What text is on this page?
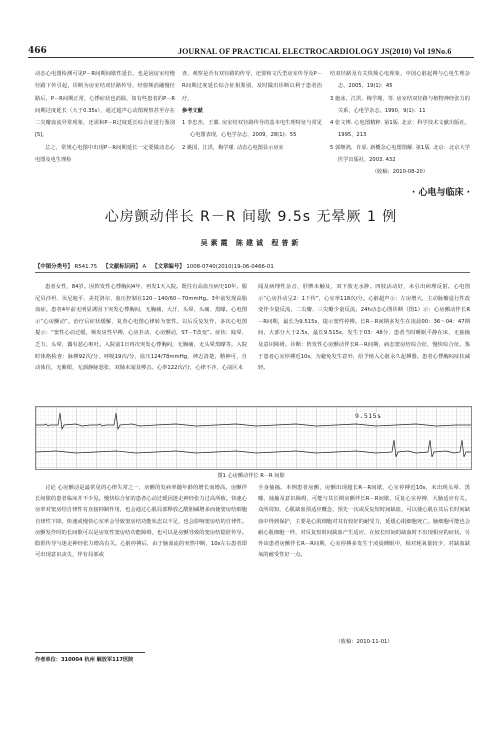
466	JOURNAL OF PRACTICAL ELECTROCARDIOLOGY JS(2010) Vol 19No.6

动态心电图检测可见P－R间期间歇性延长，也是因房室结慢径路下传引起，诊断为房室结双径路传导。经射频消融慢径路后，P－R间期正常，心悸症状也消除。如有些患者的P－R间期过度延长（大于0.35s），通过超声心动图观察甚至存在二尖瓣血流异常现象，还需和P－R过度延长综合征进行鉴别[5]。

总之，常规心电图中出现P－R间期延长一定要做动态心电图及电生理检

查，观察是否有双径路的传导，还要和文氏型房室传导及P－R间期过度延长综合征相鉴别，及时做出诊断以利于患者治疗。

参考文献

1 李忠杰，王蘖. 房室结双径路传导的基本电生理特征与常见心电图表现，心电学杂志，2009，28(1)：55

2 姚国，江洪，梅学瑾. 动态心电图显示房室

结双径路及有关快频心电现象，中国心脏起搏与心电生理杂志，2005，19(1)：45

3 施冰，江洪，梅学瑾，等. 房室结双径路与植物神经张力的关系，心电学杂志，1990，9(1)：11

4 张文博. 心电图精粹. 第1版. 北京：科学技术文献出版社，1995，213

5 郭继鸿，许原. 新概念心电图图解. 第1版. 北京：北京大学医学出版社，2003. 432

（收稿：2010-08-20）

· 心电与临床 ·
心房颤动伴长 R－R 间歇 9.5s 无晕厥 1 例
吴素霞 陈建诚 程普新
【中图分类号】 R541.75 【文献标识码】 A 【文章编号】 1008-0740(2010)19-06-0466-01

患者女性，84岁。因阵发性心悸胸闷4年，再发1天入院。既往有高血压病史10年。服尼贝沙坦、贝尼地平、美托洛尔、血压控制在120－140/60－70mmHg。3年前发现高脂血症。患者4年前无明显诱因下突发心悸胸闷，无胸痛，大汗、头晕、头痛、黑曚。心电图示“心房颤动”。治疗后症状缓解，复查心电图心律转为窦性。以后反复发作，多次心电图提示：“窦性心动过缓，频发房性早搏，心房扑动，心房颤动，ST－T改变”。症状：眩晕、乏力、头晕，偶有恶心呕吐。入院前1日再次突发心悸胸闷，无胸痛，无头晕黑曚等。入院时体格检查：脉搏92次/分，呼吸19次/分，血压124/78mmHg，神志清楚，精神可，自动体位，无紫绀，无颈静脉怒张，双肺未闻及啰音。心率122次/分，心律不齐，心前区未

闻及病理性杂音，肝脾未触及，双下肢无水肿。四肢活动好，未引出病理反射。心电图示“心房扑动呈2：1下传”，心室率118次/分。心脏超声示：左房增大，主动脉瓣退行性改变伴少量反流，二尖瓣、三尖瓣少量反流。24h动态心图诊断（图1）示：心房颤动伴长R－R间期，最长为9.515s，提示窦性停搏。长R－R间期多发生在凌晨00：36～04：47期间，大部分大于2.5s，最长9.515s，发生于03：48分，患者当时睡眠平静在床，无抽搐及意识障碍。诊断：阵发性心房颤动伴长R－R间期，病态窦房结综合征，慢快综合征。鉴于患者心室停搏近10s，为避免发生意外，给予植入心脏永久起搏器。患者心悸胸闷症状减轻。

9.515s
图1 心房颤动伴长 R－R 间歇

讨论 心房颤动是最常见的心律失常之一，房颤的发病率随年龄的增长而增高。房颤伴长间歇的患者临床并不少见。慢快综合征的患者心动过缓因迷走神经张力过高所致。快速心房率对窦房结自律性有直接抑制作用，也会通过心肌局部释放乙酰胆碱增多而使窦房结细胞自律性下降。快速或慢快心室率会导致窦房结功能状态以不足，也会影响窦房结的自律性。房颤发作时的长间歇可以是房发性窦房结功能障碍，也可以是房颤导致的窦房结隐匿传导。隐匿传导与迷走神经张力增高有关。心脏停搏后，由于脑血流的突然中断，10s左右患者即可出现意识丧失，伴有局部或

全身抽搐。本例患者房颤，房颤出现超长R－R间歇，心室停搏近10s，未出现头晕、黑曚、抽搐及意识障碍，可能与其长期房颤伴长R－R间歇，反复心室停搏，大脑适应有关。众所周知，心肌缺血预适应概念，预先一次或反复短时间缺血，可以使心肌在其后长时间缺血中得到保护，主要是心肌细胞对其有较好的耐受力，延缓心肌细胞死亡。脑细胞可能也会耐心肌细胞一样，对反复短时间缺血产生适应，在较长时间的缺血时不出现相应的症状。另外该患者房颤伴长R－R间期，心室停搏多发生于凌晨睡眠中，相对耗氧量较少，对缺血缺氧的耐受性好一点。

（收稿：2010-11-01）
作者单位：310004 杭州 解放军117医院
